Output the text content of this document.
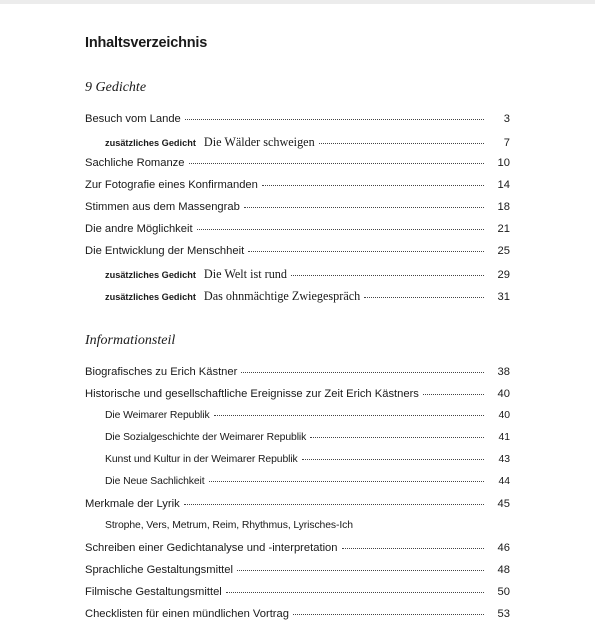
Inhaltsverzeichnis
9 Gedichte
Besuch vom Lande	3
zusätzliches Gedicht Die Wälder schweigen	7
Sachliche Romanze	10
Zur Fotografie eines Konfirmanden	14
Stimmen aus dem Massengrab	18
Die andre Möglichkeit	21
Die Entwicklung der Menschheit	25
zusätzliches Gedicht Die Welt ist rund	29
zusätzliches Gedicht Das ohnmächtige Zwiegespräch	31
Informationsteil
Biografisches zu Erich Kästner	38
Historische und gesellschaftliche Ereignisse zur Zeit Erich Kästners	40
Die Weimarer Republik	40
Die Sozialgeschichte der Weimarer Republik	41
Kunst und Kultur in der Weimarer Republik	43
Die Neue Sachlichkeit	44
Merkmale der Lyrik	45
Strophe, Vers, Metrum, Reim, Rhythmus, Lyrisches-Ich
Schreiben einer Gedichtanalyse und -interpretation	46
Sprachliche Gestaltungsmittel	48
Filmische Gestaltungsmittel	50
Checklisten für einen mündlichen Vortrag	53
